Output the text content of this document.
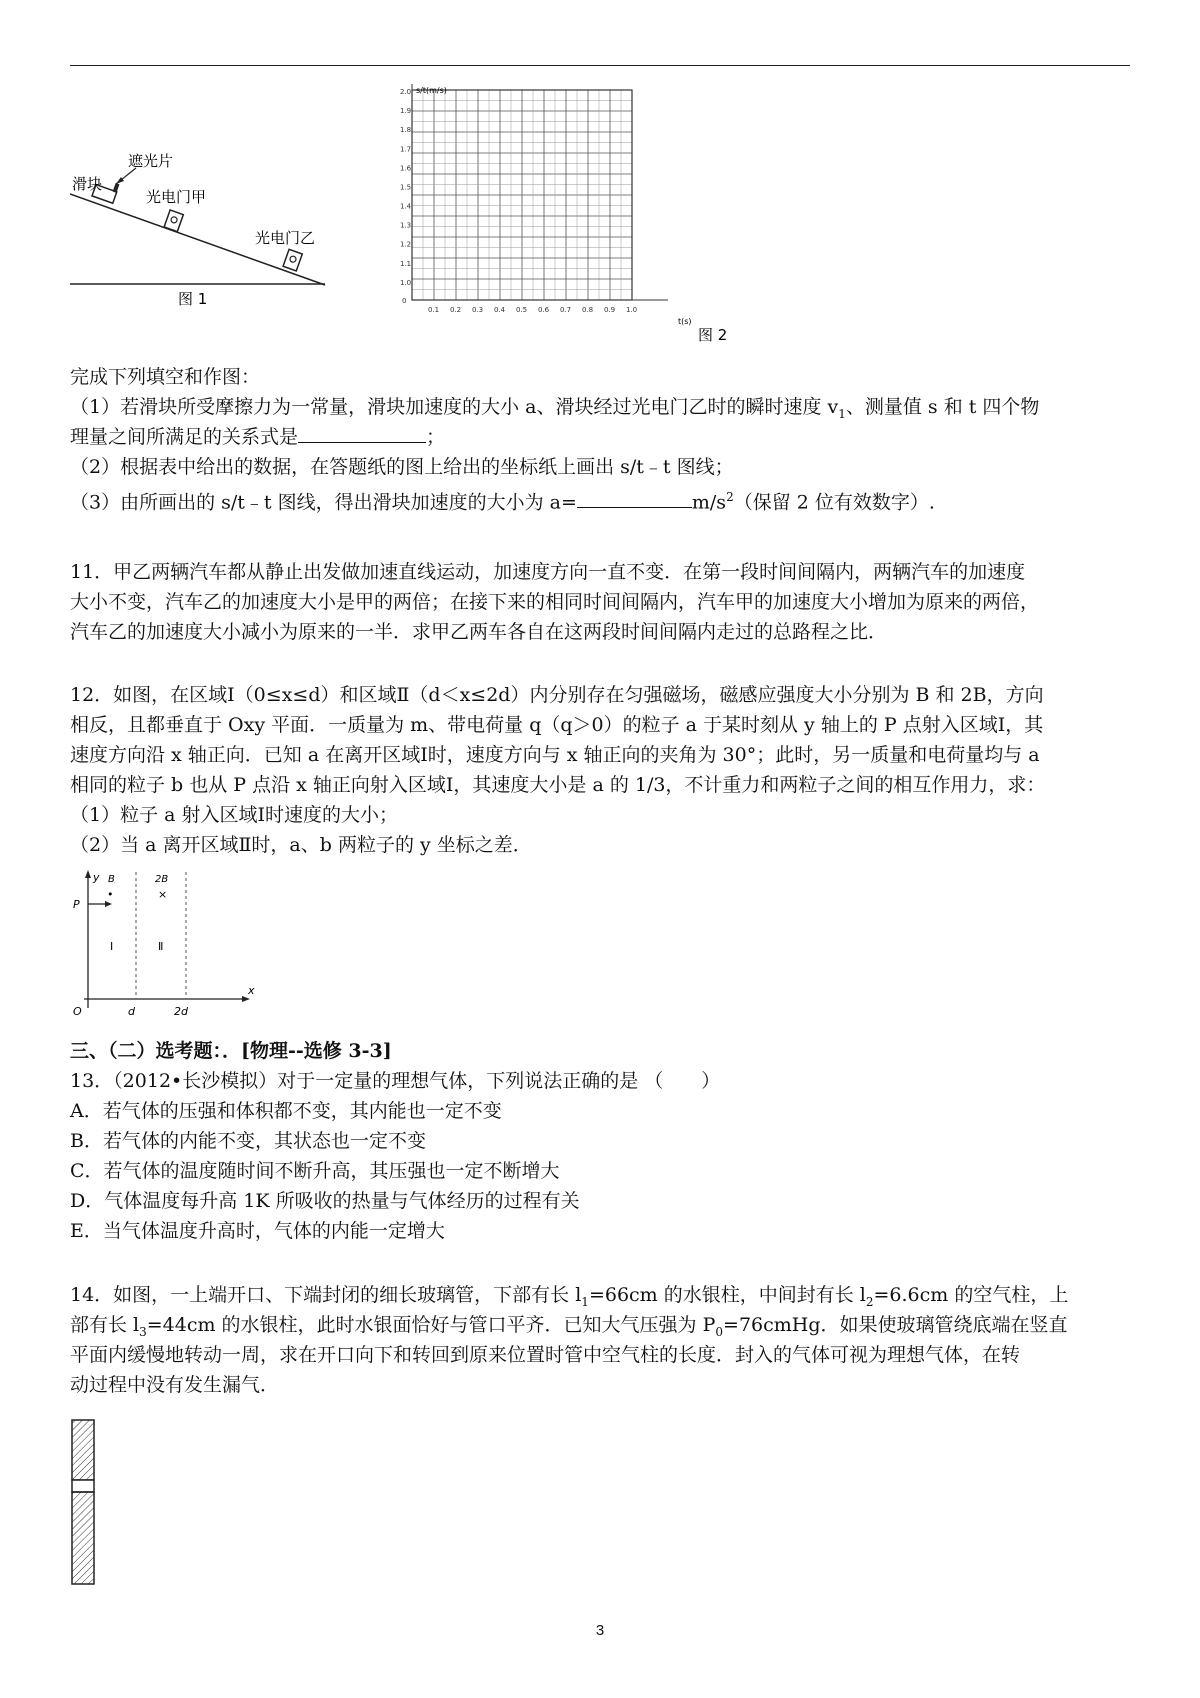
滑块
遮光片
光电门甲
光电门乙
图 1
s/t(m/s)
t(s)
图 2
2.0
1.9
1.8
1.7
1.6
1.5
1.4
1.3
1.2
1.1
1.0
0
0.1 0.2 0.3 0.4 0.5 0.6 0.7 0.8 0.9 1.0
完成下列填空和作图：
（1）若滑块所受摩擦力为一常量，滑块加速度的大小 a、滑块经过光电门乙时的瞬时速度 $v_1$、测量值 s 和 t 四个物
理量之间所满足的关系式是	；
（2）根据表中给出的数据，在答题纸的图上给出的坐标纸上画出 s/t﹣t 图线；
（3）由所画出的 s/t﹣t 图线，得出滑块加速度的大小为 a=	$m/s^2$（保留 2 位有效数字）.
11．甲乙两辆汽车都从静止出发做加速直线运动，加速度方向一直不变．在第一段时间间隔内，两辆汽车的加速度
大小不变，汽车乙的加速度大小是甲的两倍；在接下来的相同时间间隔内，汽车甲的加速度大小增加为原来的两倍，
汽车乙的加速度大小减小为原来的一半．求甲乙两车各自在这两段时间间隔内走过的总路程之比．
12．如图，在区域Ⅰ（0≤x≤d）和区域Ⅱ（d＜x≤2d）内分别存在匀强磁场，磁感应强度大小分别为 B 和 2B，方向
相反，且都垂直于 Oxy 平面．一质量为 m、带电荷量 q（q＞0）的粒子 a 于某时刻从 y 轴上的 P 点射入区域Ⅰ，其
速度方向沿 x 轴正向．已知 a 在离开区域Ⅰ时，速度方向与 x 轴正向的夹角为 30°；此时，另一质量和电荷量均与 a
相同的粒子 b 也从 P 点沿 x 轴正向射入区域Ⅰ，其速度大小是 a 的 1/3，不计重力和两粒子之间的相互作用力，求：
（1）粒子 a 射入区域Ⅰ时速度的大小；
（2）当 a 离开区域Ⅱ时，a、b 两粒子的 y 坐标之差．
y
x
O
P
B
•
2B
×
Ⅰ	Ⅱ
d	2d
三、（二）选考题：．[物理--选修 3-3]
13．（2012•长沙模拟）对于一定量的理想气体，下列说法正确的是 （　　）
A．若气体的压强和体积都不变，其内能也一定不变
B．若气体的内能不变，其状态也一定不变
C．若气体的温度随时间不断升高，其压强也一定不断增大
D．气体温度每升高 1K 所吸收的热量与气体经历的过程有关
E．当气体温度升高时，气体的内能一定增大
14．如图，一上端开口、下端封闭的细长玻璃管，下部有长 $l_1=66cm$ 的水银柱，中间封有长 $l_2=6.6cm$ 的空气柱，上
部有长 $l_3=44cm$ 的水银柱，此时水银面恰好与管口平齐．已知大气压强为 $P_0=76cmHg$．如果使玻璃管绕底端在竖直
平面内缓慢地转动一周，求在开口向下和转回到原来位置时管中空气柱的长度．封入的气体可视为理想气体，在转
动过程中没有发生漏气．
3
